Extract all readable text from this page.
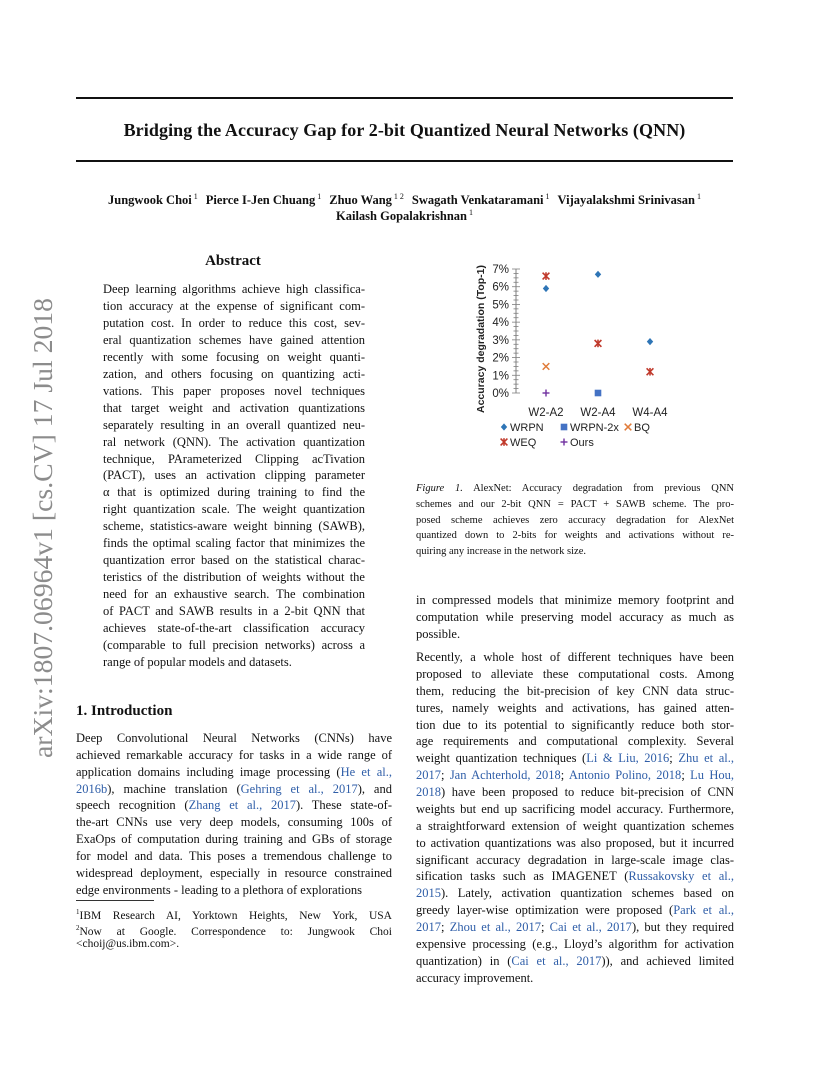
Bridging the Accuracy Gap for 2-bit Quantized Neural Networks (QNN)
Jungwook Choi $^1$ Pierce I-Jen Chuang $^1$ Zhuo Wang $^{1 2}$ Swagath Venkataramani $^1$ Vijayalakshmi Srinivasan $^1$
Kailash Gopalakrishnan $^1$
arXiv:1807.06964v1 [cs.CV] 17 Jul 2018
Abstract
Deep learning algorithms achieve high classifica-
tion accuracy at the expense of significant com-
putation cost. In order to reduce this cost, sev-
eral quantization schemes have gained attention
recently with some focusing on weight quanti-
zation, and others focusing on quantizing acti-
vations. This paper proposes novel techniques
that target weight and activation quantizations
separately resulting in an overall quantized neu-
ral network (QNN). The activation quantization
technique, PArameterized Clipping acTivation
(PACT), uses an activation clipping parameter
α that is optimized during training to find the
right quantization scale. The weight quantization
scheme, statistics-aware weight binning (SAWB),
finds the optimal scaling factor that minimizes the
quantization error based on the statistical charac-
teristics of the distribution of weights without the
need for an exhaustive search. The combination
of PACT and SAWB results in a 2-bit QNN that
achieves state-of-the-art classification accuracy
(comparable to full precision networks) across a
range of popular models and datasets.
1. Introduction
Deep Convolutional Neural Networks (CNNs) have
achieved remarkable accuracy for tasks in a wide range of
application domains including image processing (He et al.,
2016b), machine translation (Gehring et al., 2017), and
speech recognition (Zhang et al., 2017). These state-of-
the-art CNNs use very deep models, consuming 100s of
ExaOps of computation during training and GBs of storage
for model and data. This poses a tremendous challenge to
widespread deployment, especially in resource constrained
edge environments - leading to a plethora of explorations
$^1$IBM Research AI, Yorktown Heights, New York, USA
$^2$Now at Google. Correspondence to: Jungwook Choi
<choij@us.ibm.com>.
0%
1%
2%
3%
4%
5%
6%
7%
Accuracy degradation (Top-1)	W2-A2 W2-A4 W4-A4
WRPN WRPN-2x BQ
WEQ	Ours
Figure 1. AlexNet: Accuracy degradation from previous QNN
schemes and our 2-bit QNN = PACT + SAWB scheme. The pro-
posed scheme achieves zero accuracy degradation for AlexNet
quantized down to 2-bits for weights and activations without re-
quiring any increase in the network size.
in compressed models that minimize memory footprint and
computation while preserving model accuracy as much as
possible.
Recently, a whole host of different techniques have been
proposed to alleviate these computational costs. Among
them, reducing the bit-precision of key CNN data struc-
tures, namely weights and activations, has gained atten-
tion due to its potential to significantly reduce both stor-
age requirements and computational complexity. Several
weight quantization techniques (Li & Liu, 2016; Zhu et al.,
2017; Jan Achterhold, 2018; Antonio Polino, 2018; Lu Hou,
2018) have been proposed to reduce bit-precision of CNN
weights but end up sacrificing model accuracy. Furthermore,
a straightforward extension of weight quantization schemes
to activation quantizations was also proposed, but it incurred
significant accuracy degradation in large-scale image clas-
sification tasks such as IMAGENET (Russakovsky et al.,
2015). Lately, activation quantization schemes based on
greedy layer-wise optimization were proposed (Park et al.,
2017; Zhou et al., 2017; Cai et al., 2017), but they required
expensive processing (e.g., Lloyd’s algorithm for activation
quantization) in (Cai et al., 2017)), and achieved limited
accuracy improvement.
